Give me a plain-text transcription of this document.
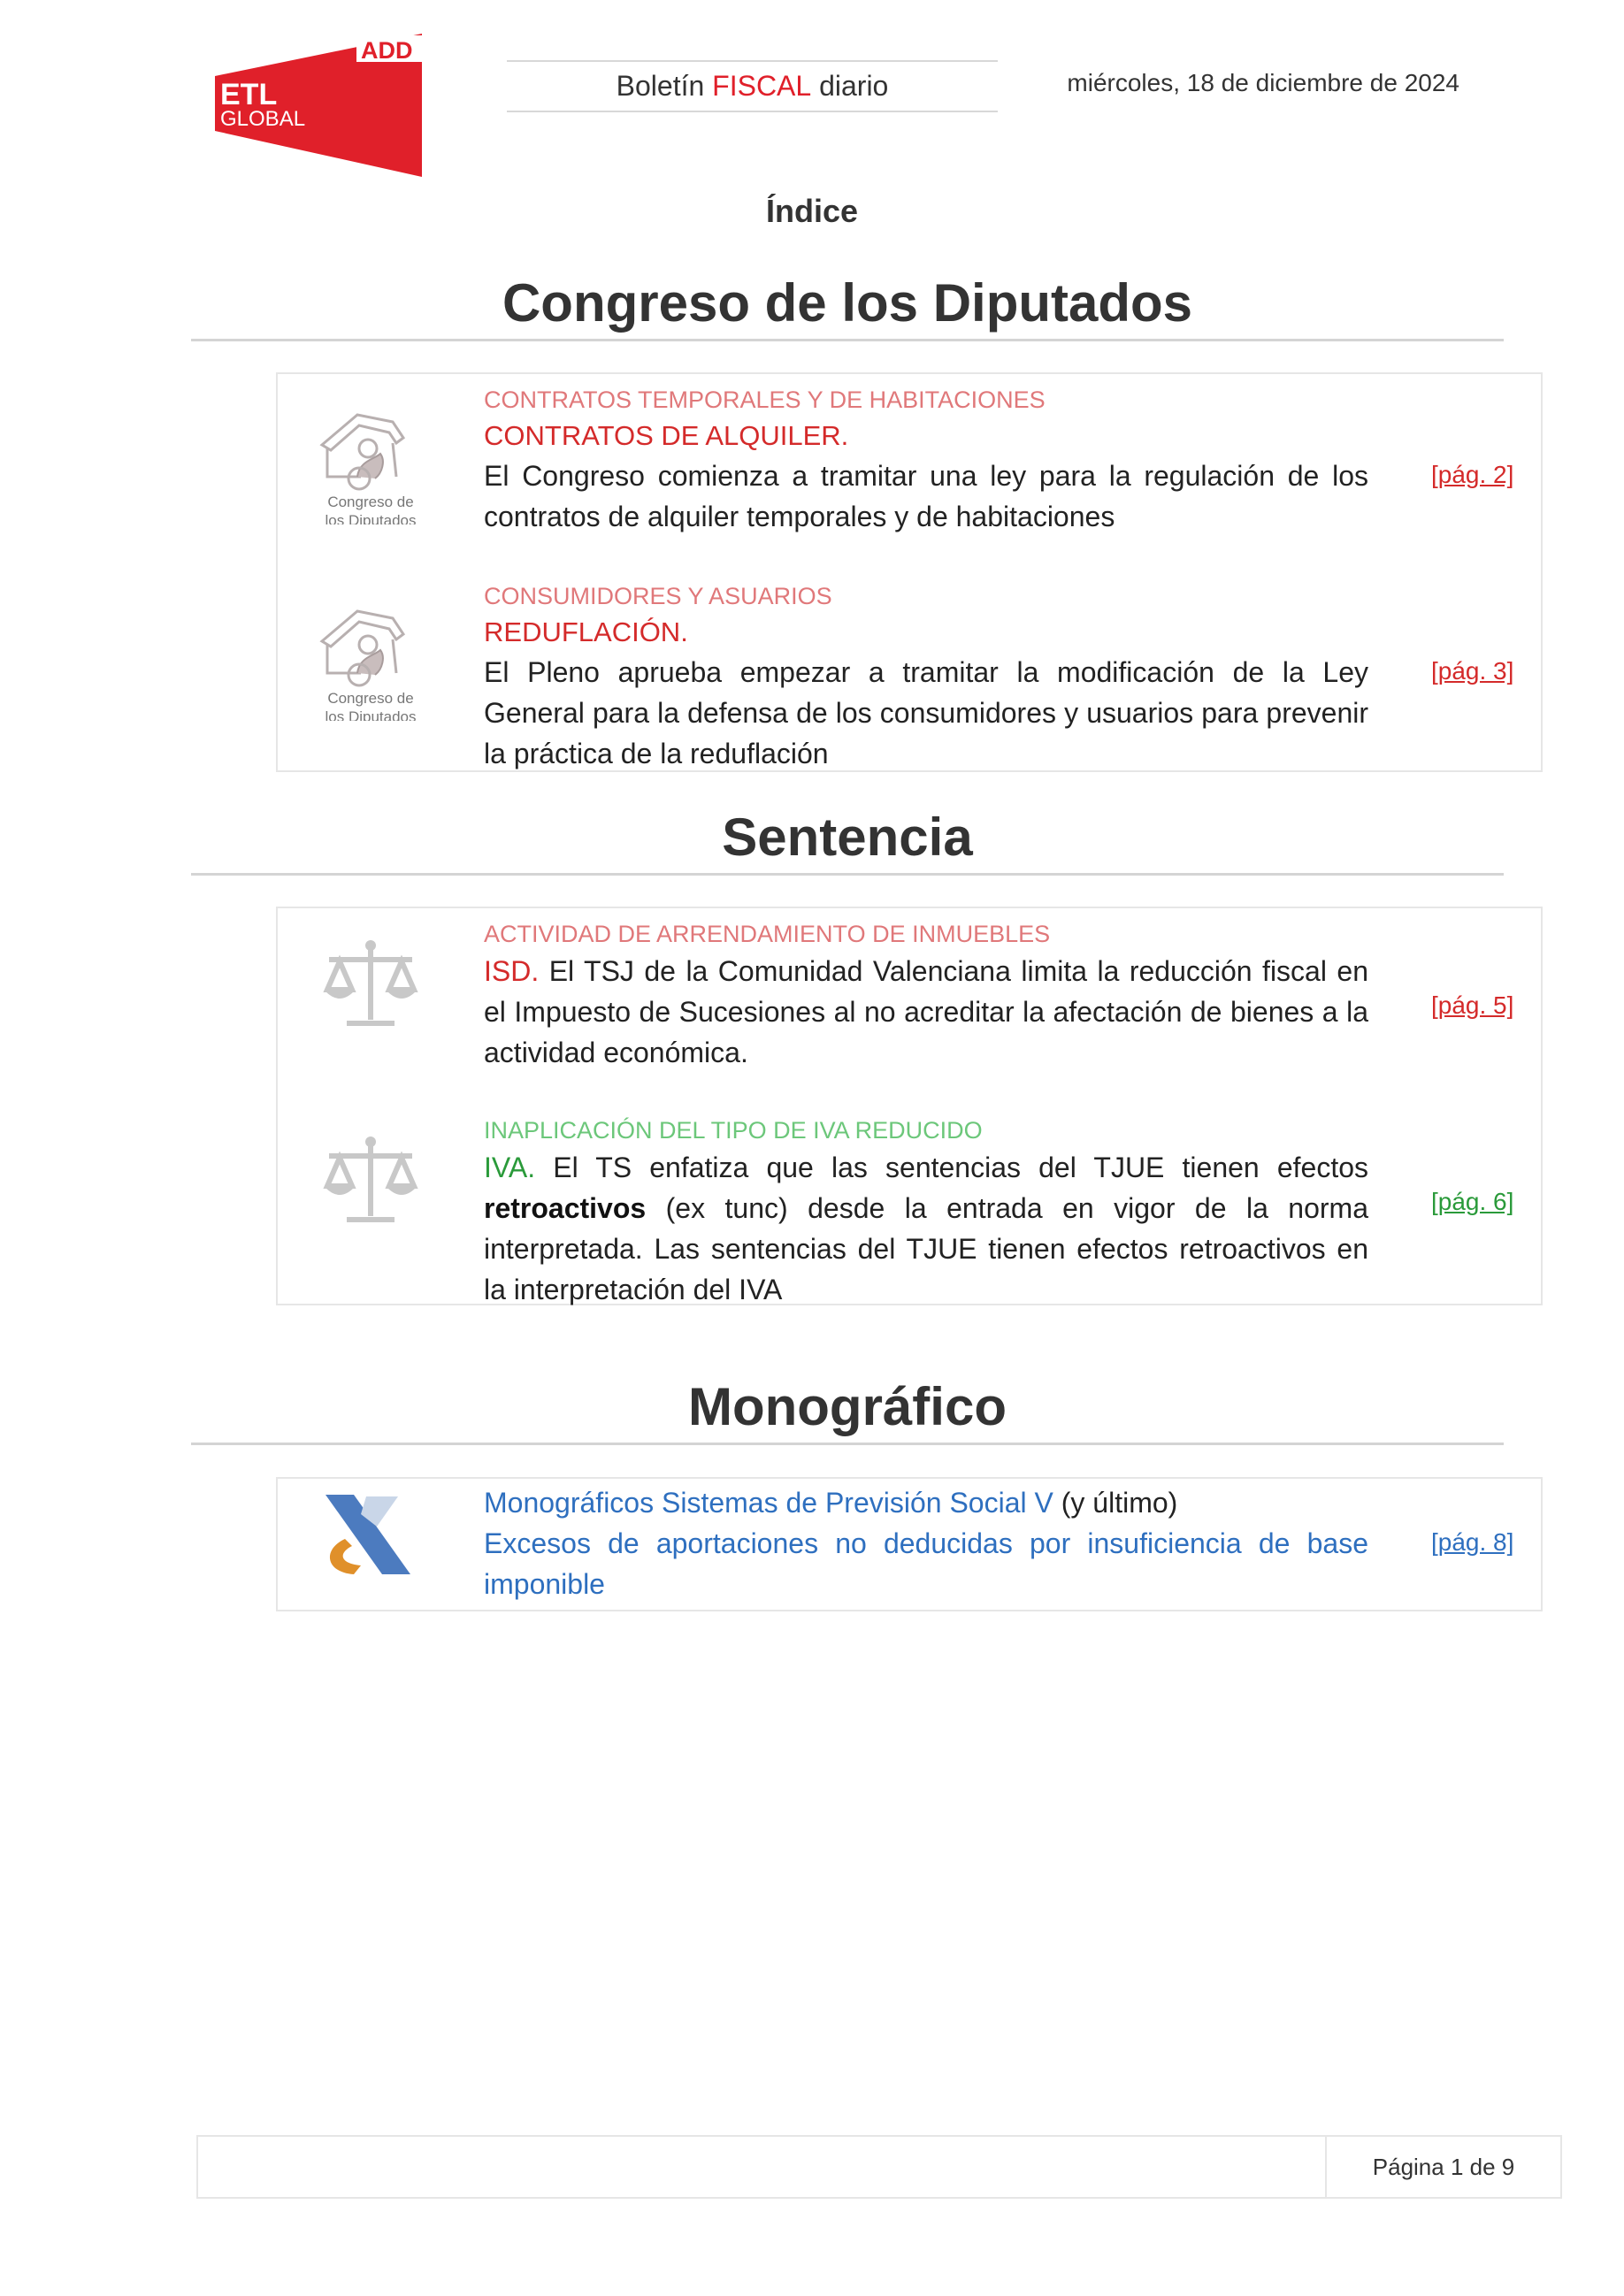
ADD
ETL
GLOBAL
Boletín
FISCAL
diario	miércoles, 18 de diciembre de 2024
Índice
Congreso de los Diputados
Congreso de
los Diputados
CONTRATOS TEMPORALES Y DE HABITACIONES
CONTRATOS DE ALQUILER.
El Congreso comienza a tramitar una ley para la regulación de los contratos de alquiler temporales y de habitaciones
[pág. 2]
Congreso de
los Diputados
CONSUMIDORES Y ASUARIOS
REDUFLACIÓN.
El Pleno aprueba empezar a tramitar la modificación de la Ley General para la defensa de los consumidores y usuarios para prevenir la práctica de la reduflación
[pág. 3]
Sentencia
ACTIVIDAD DE ARRENDAMIENTO DE INMUEBLES
ISD. El TSJ de la Comunidad Valenciana limita la reducción fiscal en el Impuesto de Sucesiones al no acreditar la afectación de bienes a la actividad económica.
[pág. 5]
INAPLICACIÓN DEL TIPO DE IVA REDUCIDO
IVA. El TS enfatiza que las sentencias del TJUE tienen efectos retroactivos (ex tunc) desde la entrada en vigor de la norma interpretada. Las sentencias del TJUE tienen efectos retroactivos en la interpretación del IVA
[pág. 6]
Monográfico
Monográficos Sistemas de Previsión Social V (y último)
Excesos de aportaciones no deducidas por insuficiencia de base imponible
[pág. 8]
Página 1 de 9
